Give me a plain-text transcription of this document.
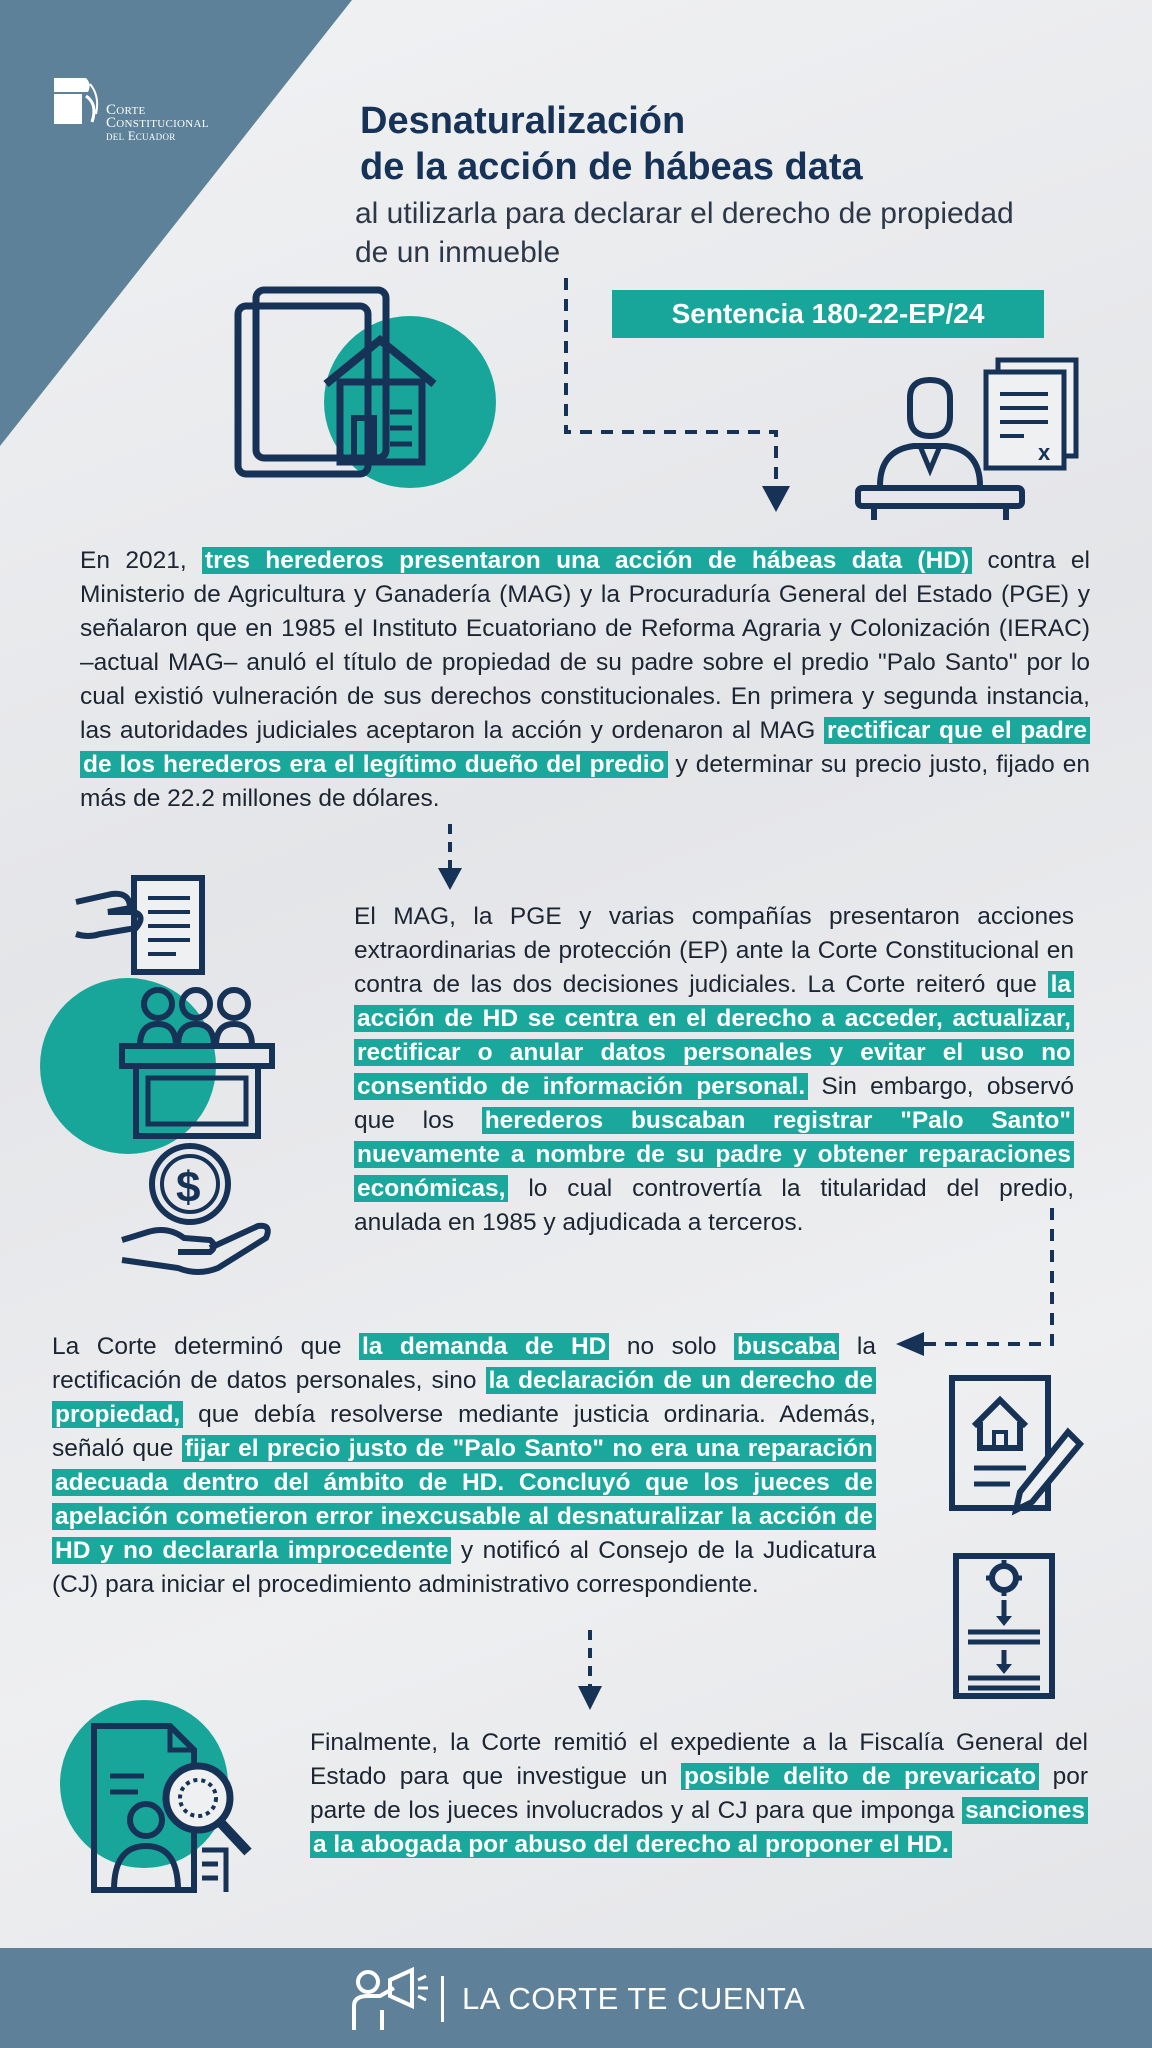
Corte
Constitucional
del Ecuador	Desnaturalización
de la acción de hábeas data
al utilizarla para declarar el derecho de propiedad
de un inmueble
Sentencia 180-22-EP/24
x
$
En 2021, tres herederos presentaron una acción de hábeas data (HD) contra el Ministerio de Agricultura y Ganadería (MAG) y la Procuraduría General del Estado (PGE) y señalaron que en 1985 el Instituto Ecuatoriano de Reforma Agraria y Colonización (IERAC) –actual MAG– anuló el título de propiedad de su padre sobre el predio "Palo Santo" por lo cual existió vulneración de sus derechos constitucionales. En primera y segunda instancia, las autoridades judiciales aceptaron la acción y ordenaron al MAG rectificar que el padre de los herederos era el legítimo dueño del predio y determinar su precio justo, fijado en más de 22.2 millones de dólares.
El MAG, la PGE y varias compañías presentaron acciones extraordinarias de protección (EP) ante la Corte Constitucional en contra de las dos decisiones judiciales. La Corte reiteró que la acción de HD se centra en el derecho a acceder, actualizar, rectificar o anular datos personales y evitar el uso no consentido de información personal. Sin embargo, observó que los herederos buscaban registrar "Palo Santo" nuevamente a nombre de su padre y obtener reparaciones económicas, lo cual controvertía la titularidad del predio, anulada en 1985 y adjudicada a terceros.
La Corte determinó que la demanda de HD no solo buscaba la rectificación de datos personales, sino la declaración de un derecho de propiedad, que debía resolverse mediante justicia ordinaria. Además, señaló que fijar el precio justo de "Palo Santo" no era una reparación adecuada dentro del ámbito de HD. Concluyó que los jueces de apelación cometieron error inexcusable al desnaturalizar la acción de HD y no declararla improcedente y notificó al Consejo de la Judicatura (CJ) para iniciar el procedimiento administrativo correspondiente.
Finalmente, la Corte remitió el expediente a la Fiscalía General del Estado para que investigue un posible delito de prevaricato por parte de los jueces involucrados y al CJ para que imponga sanciones a la abogada por abuso del derecho al proponer el HD.
LA CORTE TE CUENTA
